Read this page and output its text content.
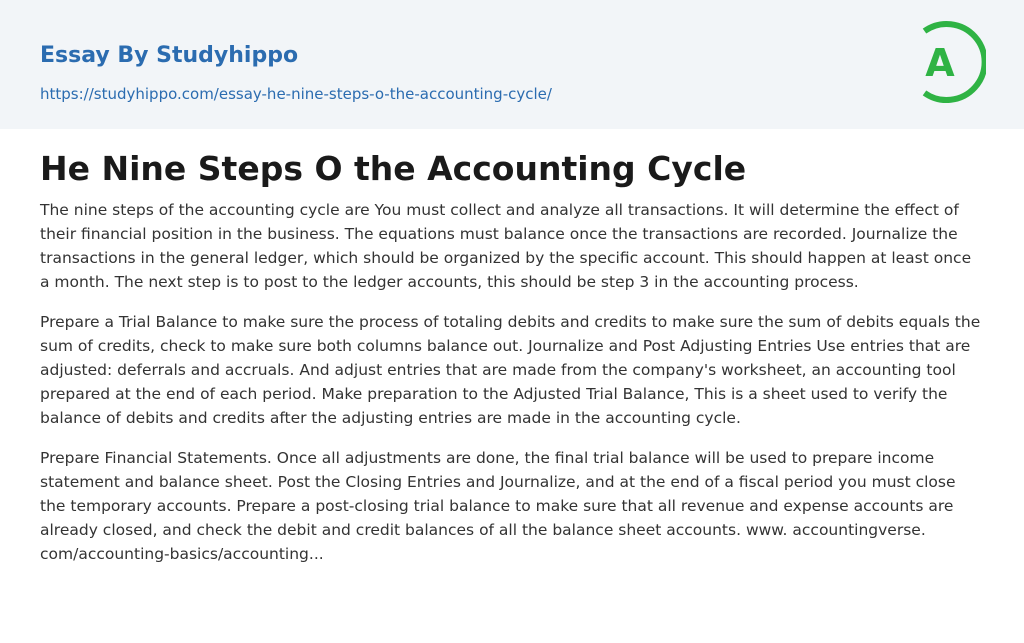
Essay By Studyhippo
https://studyhippo.com/essay-he-nine-steps-o-the-accounting-cycle/
A
He Nine Steps O the Accounting Cycle

The nine steps of the accounting cycle are You must collect and analyze all transactions. It will determine the effect of their financial position in the business. The equations must balance once the transactions are recorded. Journalize the transactions in the general ledger, which should be organized by the specific account. This should happen at least once a month. The next step is to post to the ledger accounts, this should be step 3 in the accounting process.

Prepare a Trial Balance to make sure the process of totaling debits and credits to make sure the sum of debits equals the sum of credits, check to make sure both columns balance out. Journalize and Post Adjusting Entries Use entries that are adjusted: deferrals and accruals. And adjust entries that are made from the company's worksheet, an accounting tool prepared at the end of each period. Make preparation to the Adjusted Trial Balance, This is a sheet used to verify the balance of debits and credits after the adjusting entries are made in the accounting cycle.

Prepare Financial Statements. Once all adjustments are done, the final trial balance will be used to prepare income statement and balance sheet. Post the Closing Entries and Journalize, and at the end of a fiscal period you must close the temporary accounts. Prepare a post-closing trial balance to make sure that all revenue and expense accounts are already closed, and check the debit and credit balances of all the balance sheet accounts. www. accountingverse. com/accounting-basics/accounting...
